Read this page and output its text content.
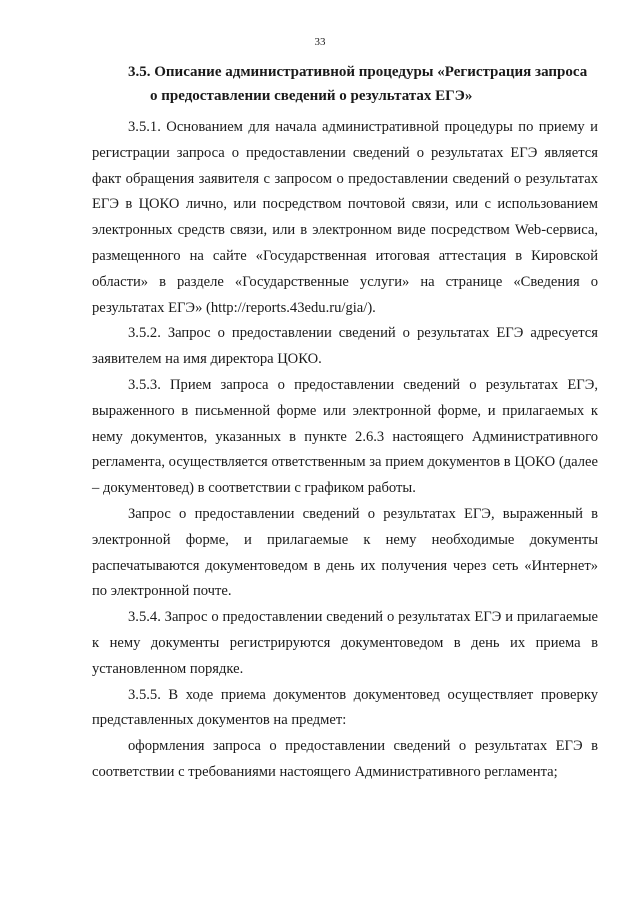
33
3.5. Описание административной процедуры «Регистрация запроса
о предоставлении сведений о результатах ЕГЭ»

3.5.1. Основанием для начала административной процедуры по приему и регистрации запроса о предоставлении сведений о результатах ЕГЭ является факт обращения заявителя с запросом о предоставлении сведений о результатах ЕГЭ в ЦОКО лично, или посредством почтовой связи, или с использованием электронных средств связи, или в электронном виде посредством Web-сервиса, размещенного на сайте «Государственная итоговая аттестация в Кировской области» в разделе «Государственные услуги» на странице «Сведения о результатах ЕГЭ» (http://reports.43edu.ru/gia/).

3.5.2. Запрос о предоставлении сведений о результатах ЕГЭ адресуется заявителем на имя директора ЦОКО.

3.5.3. Прием запроса о предоставлении сведений о результатах ЕГЭ, выраженного в письменной форме или электронной форме, и прилагаемых к нему документов, указанных в пункте 2.6.3 настоящего Административного регламента, осуществляется ответственным за прием документов в ЦОКО (далее – документовед) в соответствии с графиком работы.

Запрос о предоставлении сведений о результатах ЕГЭ, выраженный в электронной форме, и прилагаемые к нему необходимые документы распечатываются документоведом в день их получения через сеть «Интернет» по электронной почте.

3.5.4. Запрос о предоставлении сведений о результатах ЕГЭ и прилагаемые к нему документы регистрируются документоведом в день их приема в установленном порядке.

3.5.5. В ходе приема документов документовед осуществляет проверку представленных документов на предмет:

оформления запроса о предоставлении сведений о результатах ЕГЭ в соответствии с требованиями настоящего Административного регламента;
